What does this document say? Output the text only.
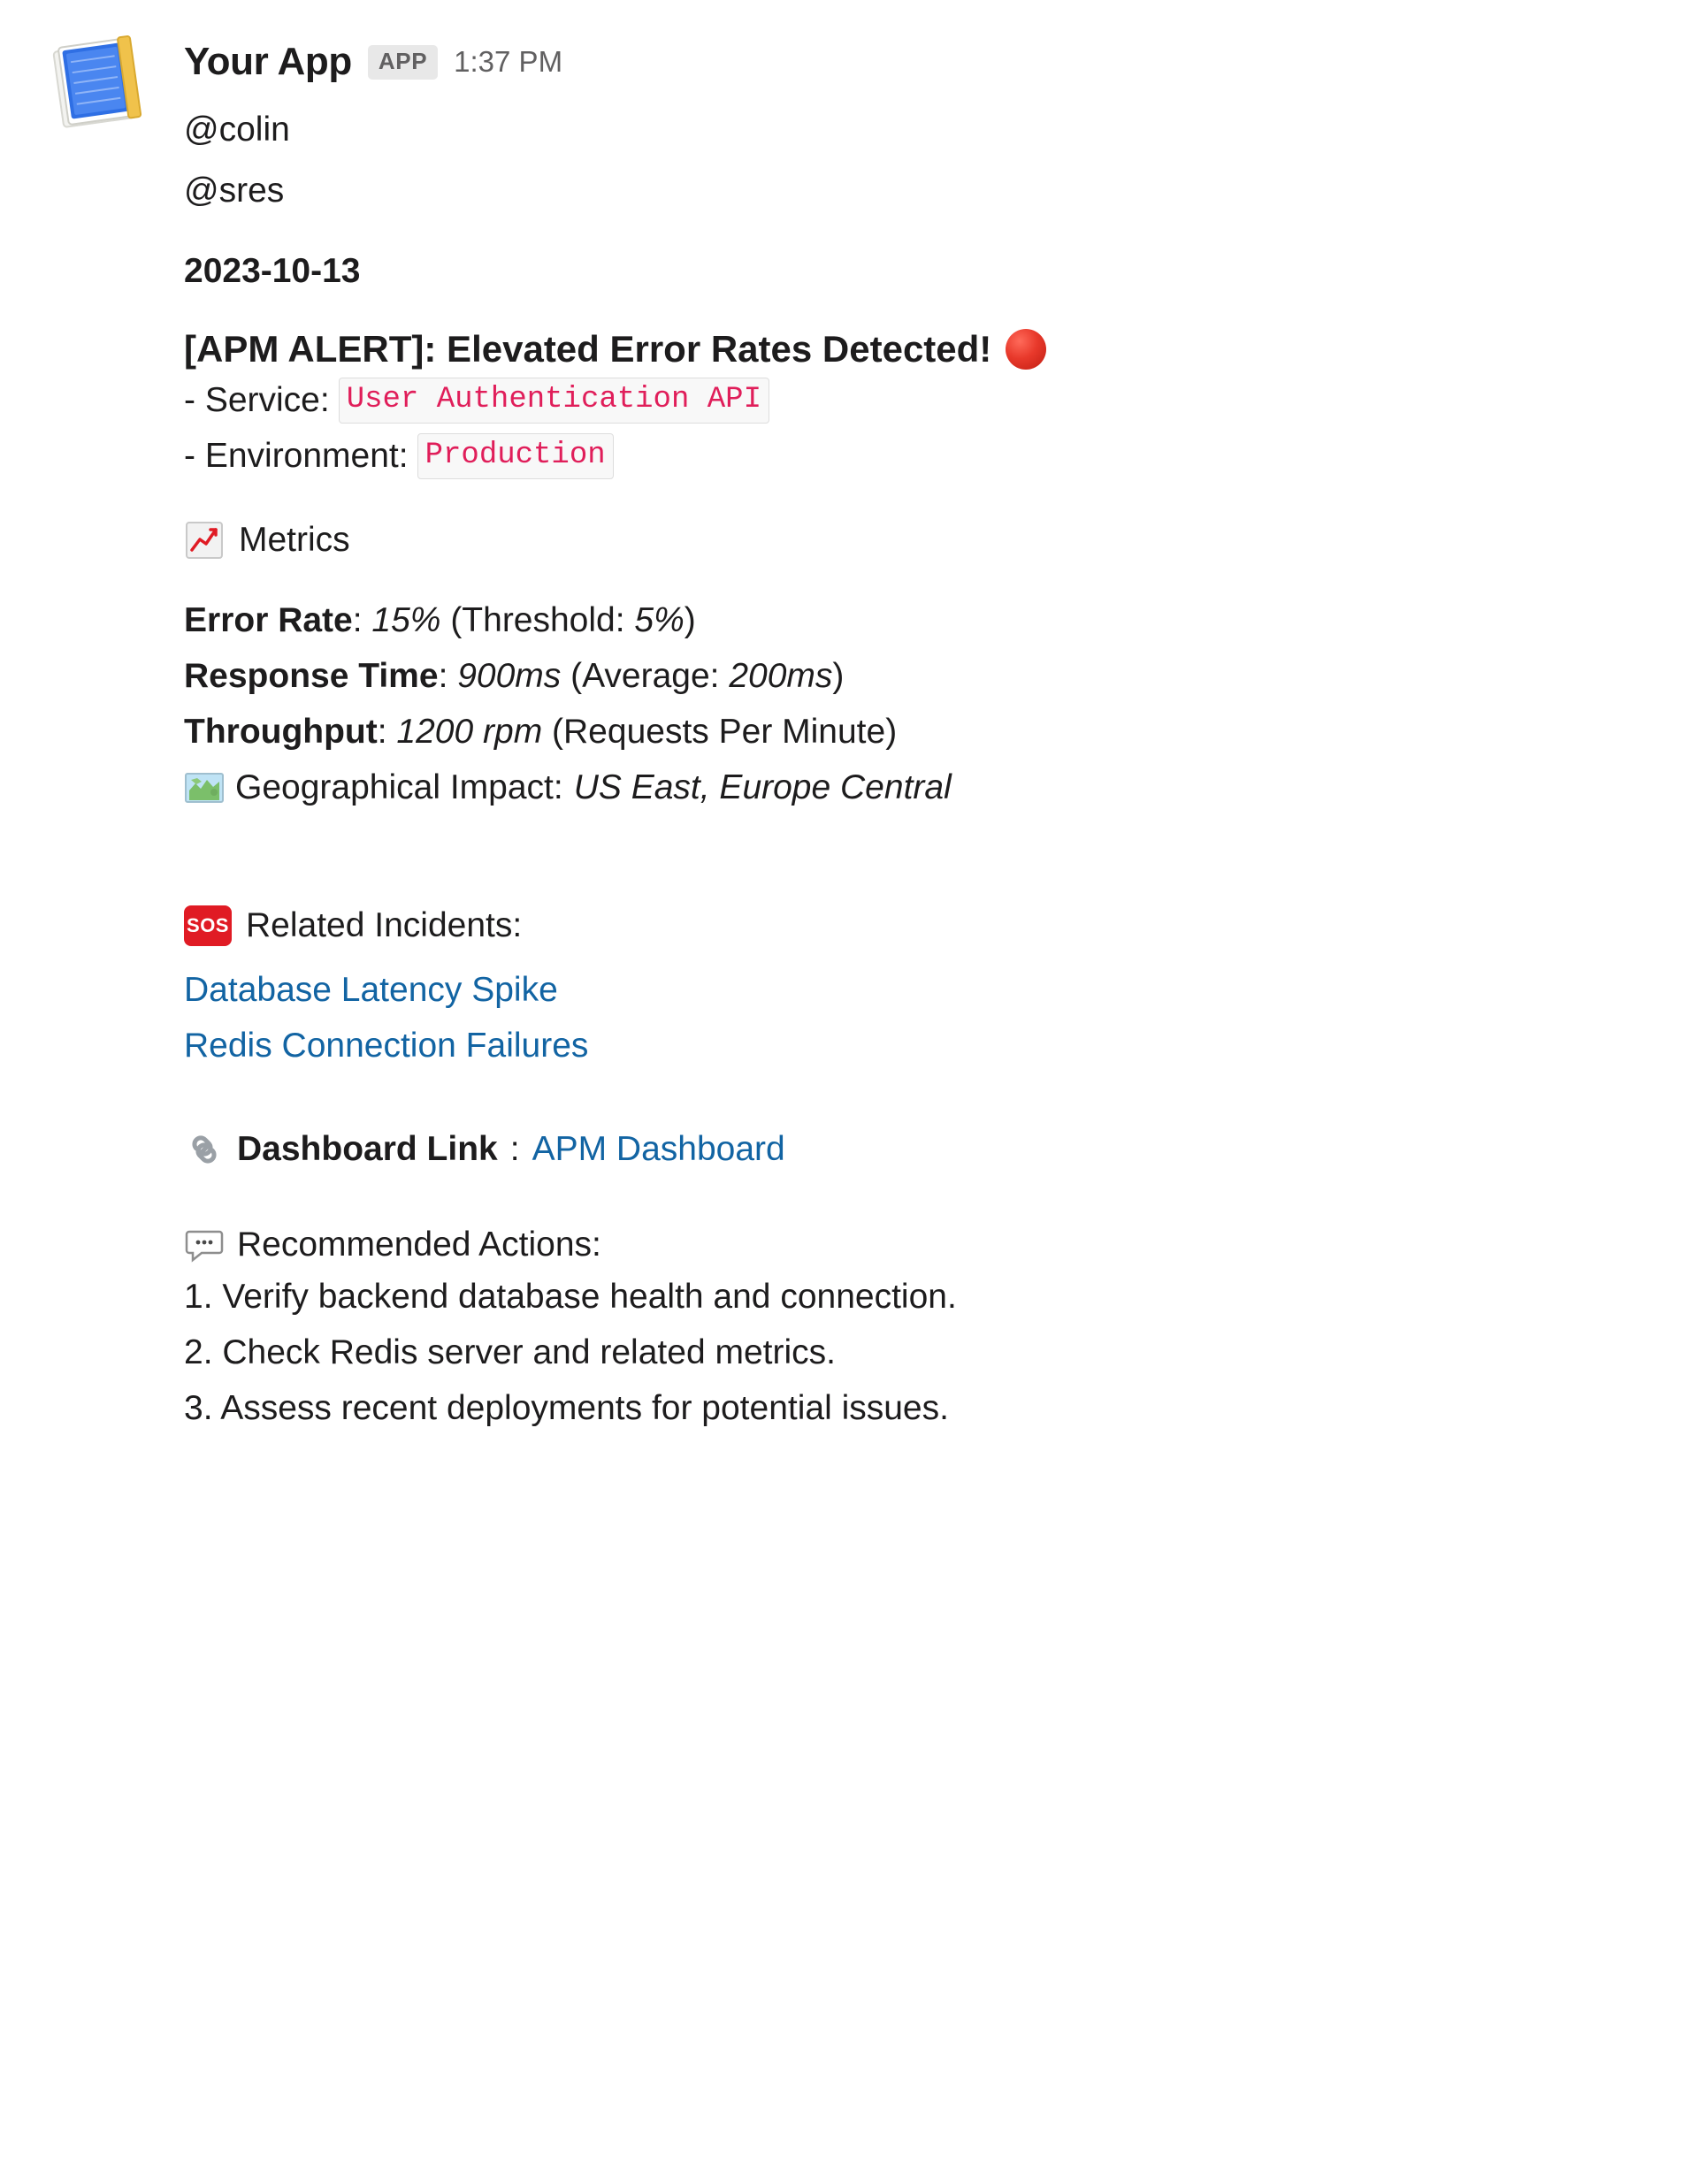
Your App	APP 1:37 PM
@colin
@sres
2023-10-13
[APM ALERT]: Elevated Error Rates Detected!
- Service: User Authentication API
- Environment: Production
Metrics
Error Rate: 15% (Threshold: 5%)
Response Time: 900ms (Average: 200ms)
Throughput: 1200 rpm (Requests Per Minute)
Geographical Impact: US East, Europe Central
SOS Related Incidents:
Database Latency Spike
Redis Connection Failures
Dashboard Link : APM Dashboard
Recommended Actions:
1. Verify backend database health and connection.
2. Check Redis server and related metrics.
3. Assess recent deployments for potential issues.
